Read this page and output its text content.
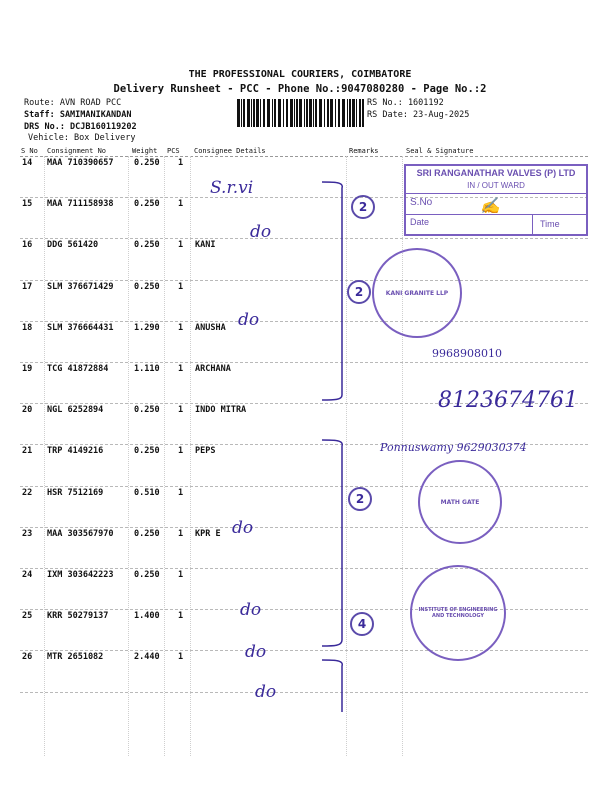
THE PROFESSIONAL COURIERS, COIMBATORE
Delivery Runsheet - PCC - Phone No.:9047080280 - Page No.:2
Route: AVN ROAD PCC
Staff: SAMIMANIKANDAN
DRS No.: DCJB160119202
Vehicle: Box Delivery
RS No.: 1601192
RS Date: 23-Aug-2025
S No Consignment No	Weight PCS Consignee Details	Remarks	Seal & Signature
14 MAA 710390657 0.250 1
15 MAA 711158938 0.250 1
16 DDG 561420	0.250 1 KANI
17 SLM 376671429 0.250 1
18 SLM 376664431 1.290 1 ANUSHA
19 TCG 41872884	1.110 1 ARCHANA
20 NGL 6252894	0.250 1 INDO MITRA
21 TRP 4149216	0.250 1 PEPS
22 HSR 7512169	0.510 1
23 MAA 303567970 0.250 1 KPR E
24 IXM 303642223 0.250 1
25 KRR 50279137	1.400 1
26 MTR 2651082	2.440 1
S.r.vi
do
do
do
do
do
do
9968908010
8123674761
Ponnuswamy 9629030374
2
2
2
4
SRI RANGANATHAR VALVES (P) LTD
IN / OUT WARD
S.No
Date	Time
✍
KANI GRANITE LLP
MATH GATE
INSTITUTE OF ENGINEERING AND TECHNOLOGY
